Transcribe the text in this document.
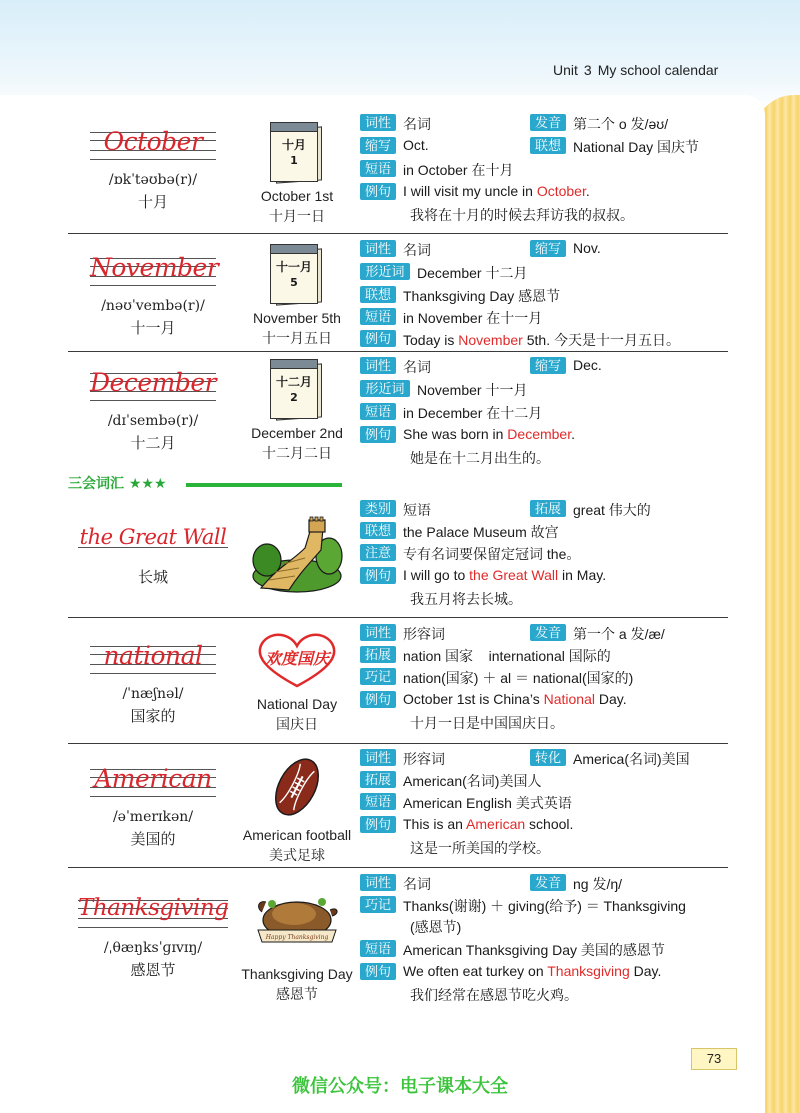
Unit 3 My school calendar
October
/ɒkˈtəʊbə(r)/
十月
十月
1
October 1st
十月一日
词性 名词	发音 第二个 o 发/əʊ/
缩写 Oct.	联想 National Day 国庆节
短语 in October 在十月
例句 I will visit my uncle in October.
我将在十月的时候去拜访我的叔叔。
November
/nəʊˈvembə(r)/
十一月
十一月
5
November 5th
十一月五日
词性 名词	缩写 Nov.
形近词 December 十二月
联想 Thanksgiving Day 感恩节
短语 in November 在十一月
例句 Today is November 5th. 今天是十一月五日。
December
/dɪˈsembə(r)/
十二月
十二月
2
December 2nd
十二月二日
词性 名词	缩写 Dec.
形近词 November 十一月
短语 in December 在十二月
例句 She was born in December.
她是在十二月出生的。
三会词汇 ★★★
the Great Wall
长城
类别 短语	拓展 great 伟大的
联想 the Palace Museum 故宫
注意 专有名词要保留定冠词 the。
例句 I will go to the Great Wall in May.
我五月将去长城。
national
/ˈnæʃnəl/
国家的
欢度国庆
National Day
国庆日
词性 形容词	发音 第一个 a 发/æ/
拓展 nation 国家    international 国际的
巧记 nation(国家) ＋ al ＝ national(国家的)
例句 October 1st is China’s National Day.
十月一日是中国国庆日。
American
/əˈmerɪkən/
美国的	American football
美式足球
词性 形容词	转化 America(名词)美国
拓展 American(名词)美国人
短语 American English 美式英语
例句 This is an American school.
这是一所美国的学校。
Thanksgiving
/ˌθæŋksˈɡɪvɪŋ/
感恩节
Happy Thanksgiving
Thanksgiving Day
感恩节
词性 名词	发音 ng 发/ŋ/
巧记 Thanks(谢谢) ＋ giving(给予) ＝ Thanksgiving
(感恩节)
短语 American Thanksgiving Day 美国的感恩节
例句 We often eat turkey on Thanksgiving Day.
我们经常在感恩节吃火鸡。
73
微信公众号：电子课本大全
